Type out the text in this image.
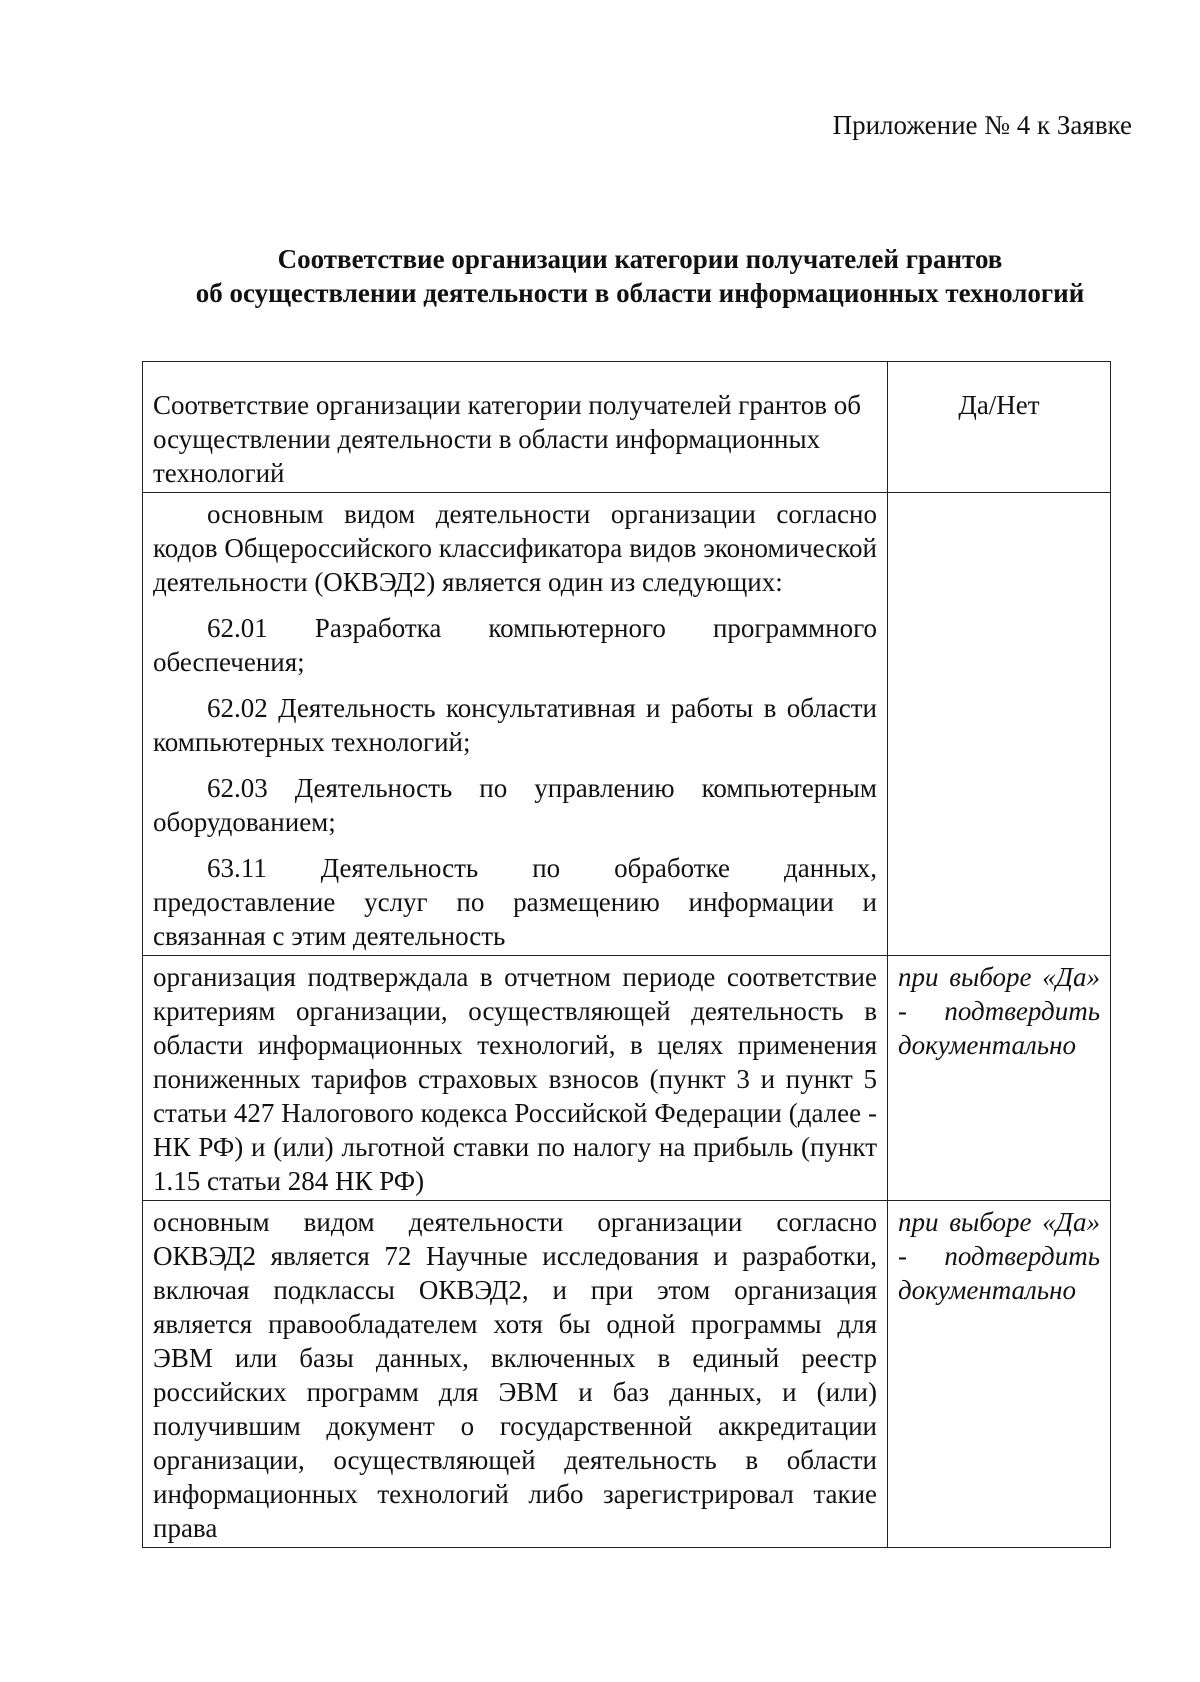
Приложение № 4 к Заявке
Соответствие организации категории получателей грантов
об осуществлении деятельности в области информационных технологий
Соответствие организации категории получателей грантов об осуществлении деятельности в области информационных технологий	Да/Нет

основным видом деятельности организации согласно кодов Общероссийского классификатора видов экономической деятельности (ОКВЭД2) является один из следующих:

62.01 Разработка компьютерного программного обеспечения;

62.02 Деятельность консультативная и работы в области компьютерных технологий;

62.03 Деятельность по управлению компьютерным оборудованием;

63.11 Деятельность по обработке данных, предоставление услуг по размещению информации и связанная с этим деятельность	

организация подтверждала в отчетном периоде соответствие критериям организации, осуществляющей деятельность в области информационных технологий, в целях применения пониженных тарифов страховых взносов (пункт 3 и пункт 5 статьи 427 Налогового кодекса Российской Федерации (далее - НК РФ) и (или) льготной ставки по налогу на прибыль (пункт 1.15 статьи 284 НК РФ)	при выборе «Да» - подтвердить документально
основным видом деятельности организации согласно ОКВЭД2 является 72 Научные исследования и разработки, включая подклассы ОКВЭД2, и при этом организация является правообладателем хотя бы одной программы для ЭВМ или базы данных, включенных в единый реестр российских программ для ЭВМ и баз данных, и (или) получившим документ о государственной аккредитации организации, осуществляющей деятельность в области информационных технологий либо зарегистрировал такие права	при выборе «Да» - подтвердить документально
